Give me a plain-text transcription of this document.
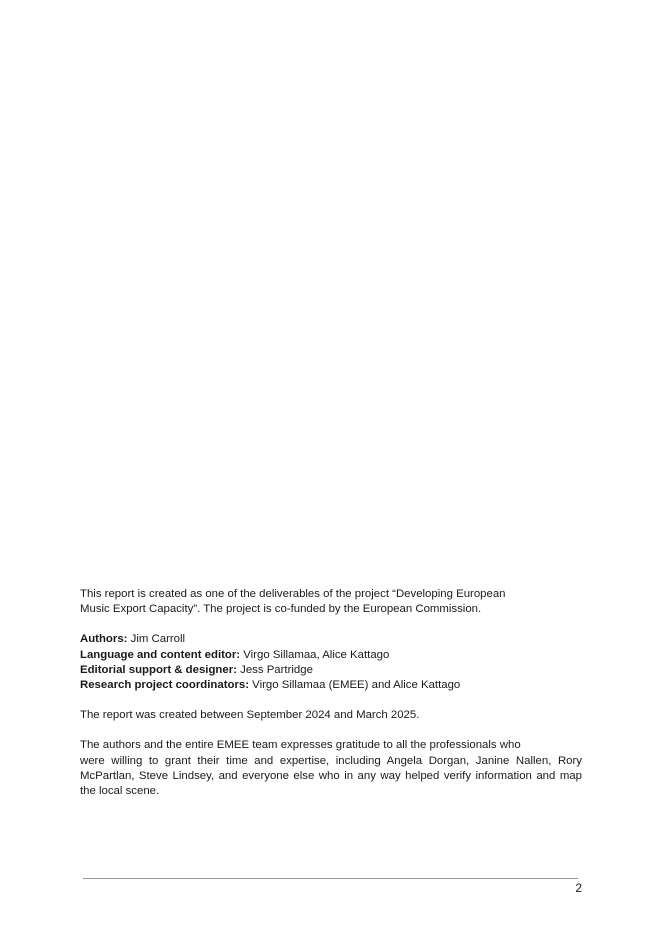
This report is created as one of the deliverables of the project “Developing European
Music Export Capacity”. The project is co-funded by the European Commission.

Authors: Jim Carroll
Language and content editor: Virgo Sillamaa, Alice Kattago
Editorial support & designer: Jess Partridge
Research project coordinators: Virgo Sillamaa (EMEE) and Alice Kattago

The report was created between September 2024 and March 2025.

The authors and the entire EMEE team expresses gratitude to all the professionals who
were willing to grant their time and expertise, including Angela Dorgan, Janine Nallen, Rory McPartlan, Steve Lindsey, and everyone else who in any way helped verify information and map the local scene.

2
